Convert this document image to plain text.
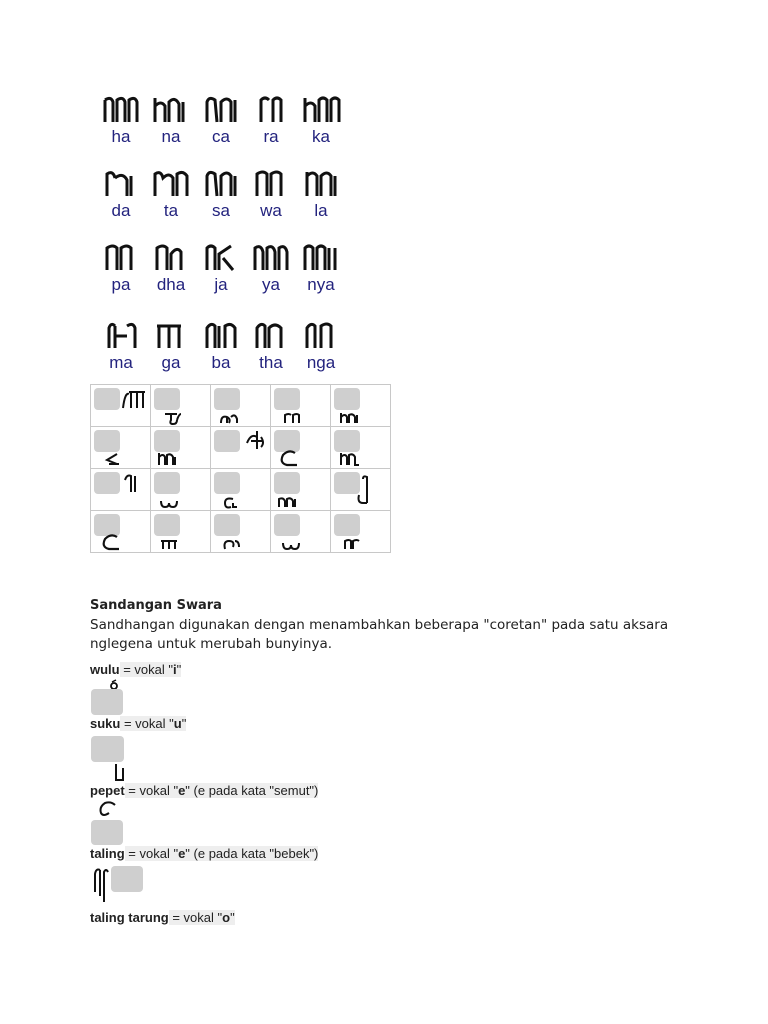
ha	na	ca	ra	ka
da	ta	sa	wa	la
pa	dha	ja	ya	nya
ma	ga	ba	tha	nga

Sandangan Swara
Sandhangan digunakan dengan menambahkan beberapa "coretan" pada satu aksara nglegena untuk merubah bunyinya.
wulu = vokal "i"
suku = vokal "u"
pepet = vokal "e" (e pada kata "semut")
taling = vokal "e" (e pada kata "bebek")
taling tarung = vokal "o"
